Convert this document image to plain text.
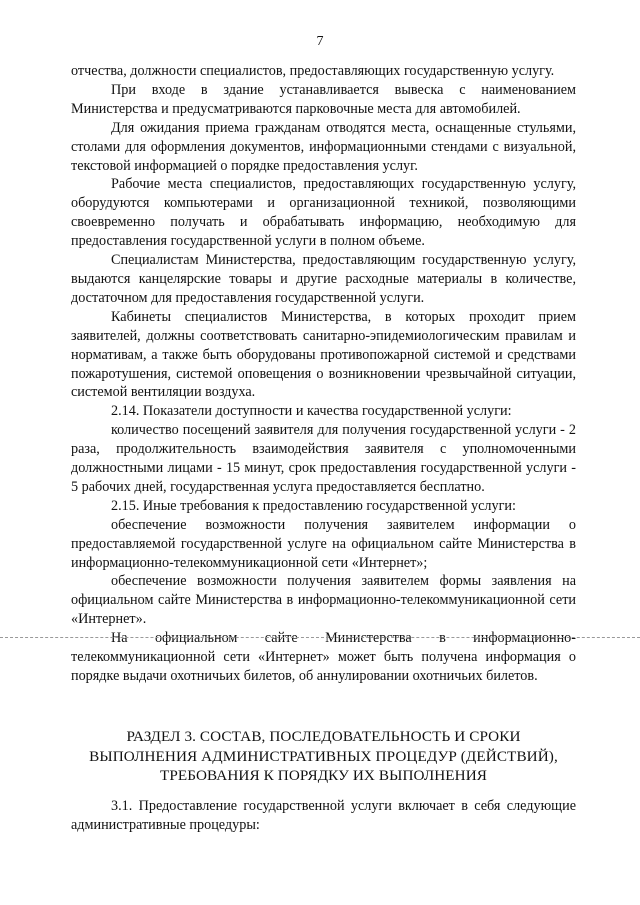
7

отчества, должности специалистов, предоставляющих государственную услугу.

При входе в здание устанавливается вывеска с наименованием Министерства и предусматриваются парковочные места для автомобилей.

Для ожидания приема гражданам отводятся места, оснащенные стульями, столами для оформления документов, информационными стендами с визуальной, текстовой информацией о порядке предоставления услуг.

Рабочие места специалистов, предоставляющих государственную услугу, оборудуются компьютерами и организационной техникой, позволяющими своевременно получать и обрабатывать информацию, необходимую для предоставления государственной услуги в полном объеме.

Специалистам Министерства, предоставляющим государственную услугу, выдаются канцелярские товары и другие расходные материалы в количестве, достаточном для предоставления государственной услуги.

Кабинеты специалистов Министерства, в которых проходит прием заявителей, должны соответствовать санитарно-эпидемиологическим правилам и нормативам, а также быть оборудованы противопожарной системой и средствами пожаротушения, системой оповещения о возникновении чрезвычайной ситуации, системой вентиляции воздуха.

2.14. Показатели доступности и качества государственной услуги:

количество посещений заявителя для получения государственной услуги - 2 раза, продолжительность взаимодействия заявителя с уполномоченными должностными лицами - 15 минут, срок предоставления государственной услуги - 5 рабочих дней, государственная услуга предоставляется бесплатно.

2.15. Иные требования к предоставлению государственной услуги:

обеспечение возможности получения заявителем информации о предоставляемой государственной услуге на официальном сайте Министерства в информационно-телекоммуникационной сети «Интернет»;

обеспечение возможности получения заявителем формы заявления на официальном сайте Министерства в информационно-телекоммуникационной сети «Интернет».

На официальном сайте Министерства в информационно-телекоммуникационной сети «Интернет» может быть получена информация о порядке выдачи охотничьих билетов, об аннулировании охотничьих билетов.

РАЗДЕЛ 3. СОСТАВ, ПОСЛЕДОВАТЕЛЬНОСТЬ И СРОКИ
ВЫПОЛНЕНИЯ АДМИНИСТРАТИВНЫХ ПРОЦЕДУР (ДЕЙСТВИЙ),
ТРЕБОВАНИЯ К ПОРЯДКУ ИХ ВЫПОЛНЕНИЯ

3.1. Предоставление государственной услуги включает в себя следующие административные процедуры:
